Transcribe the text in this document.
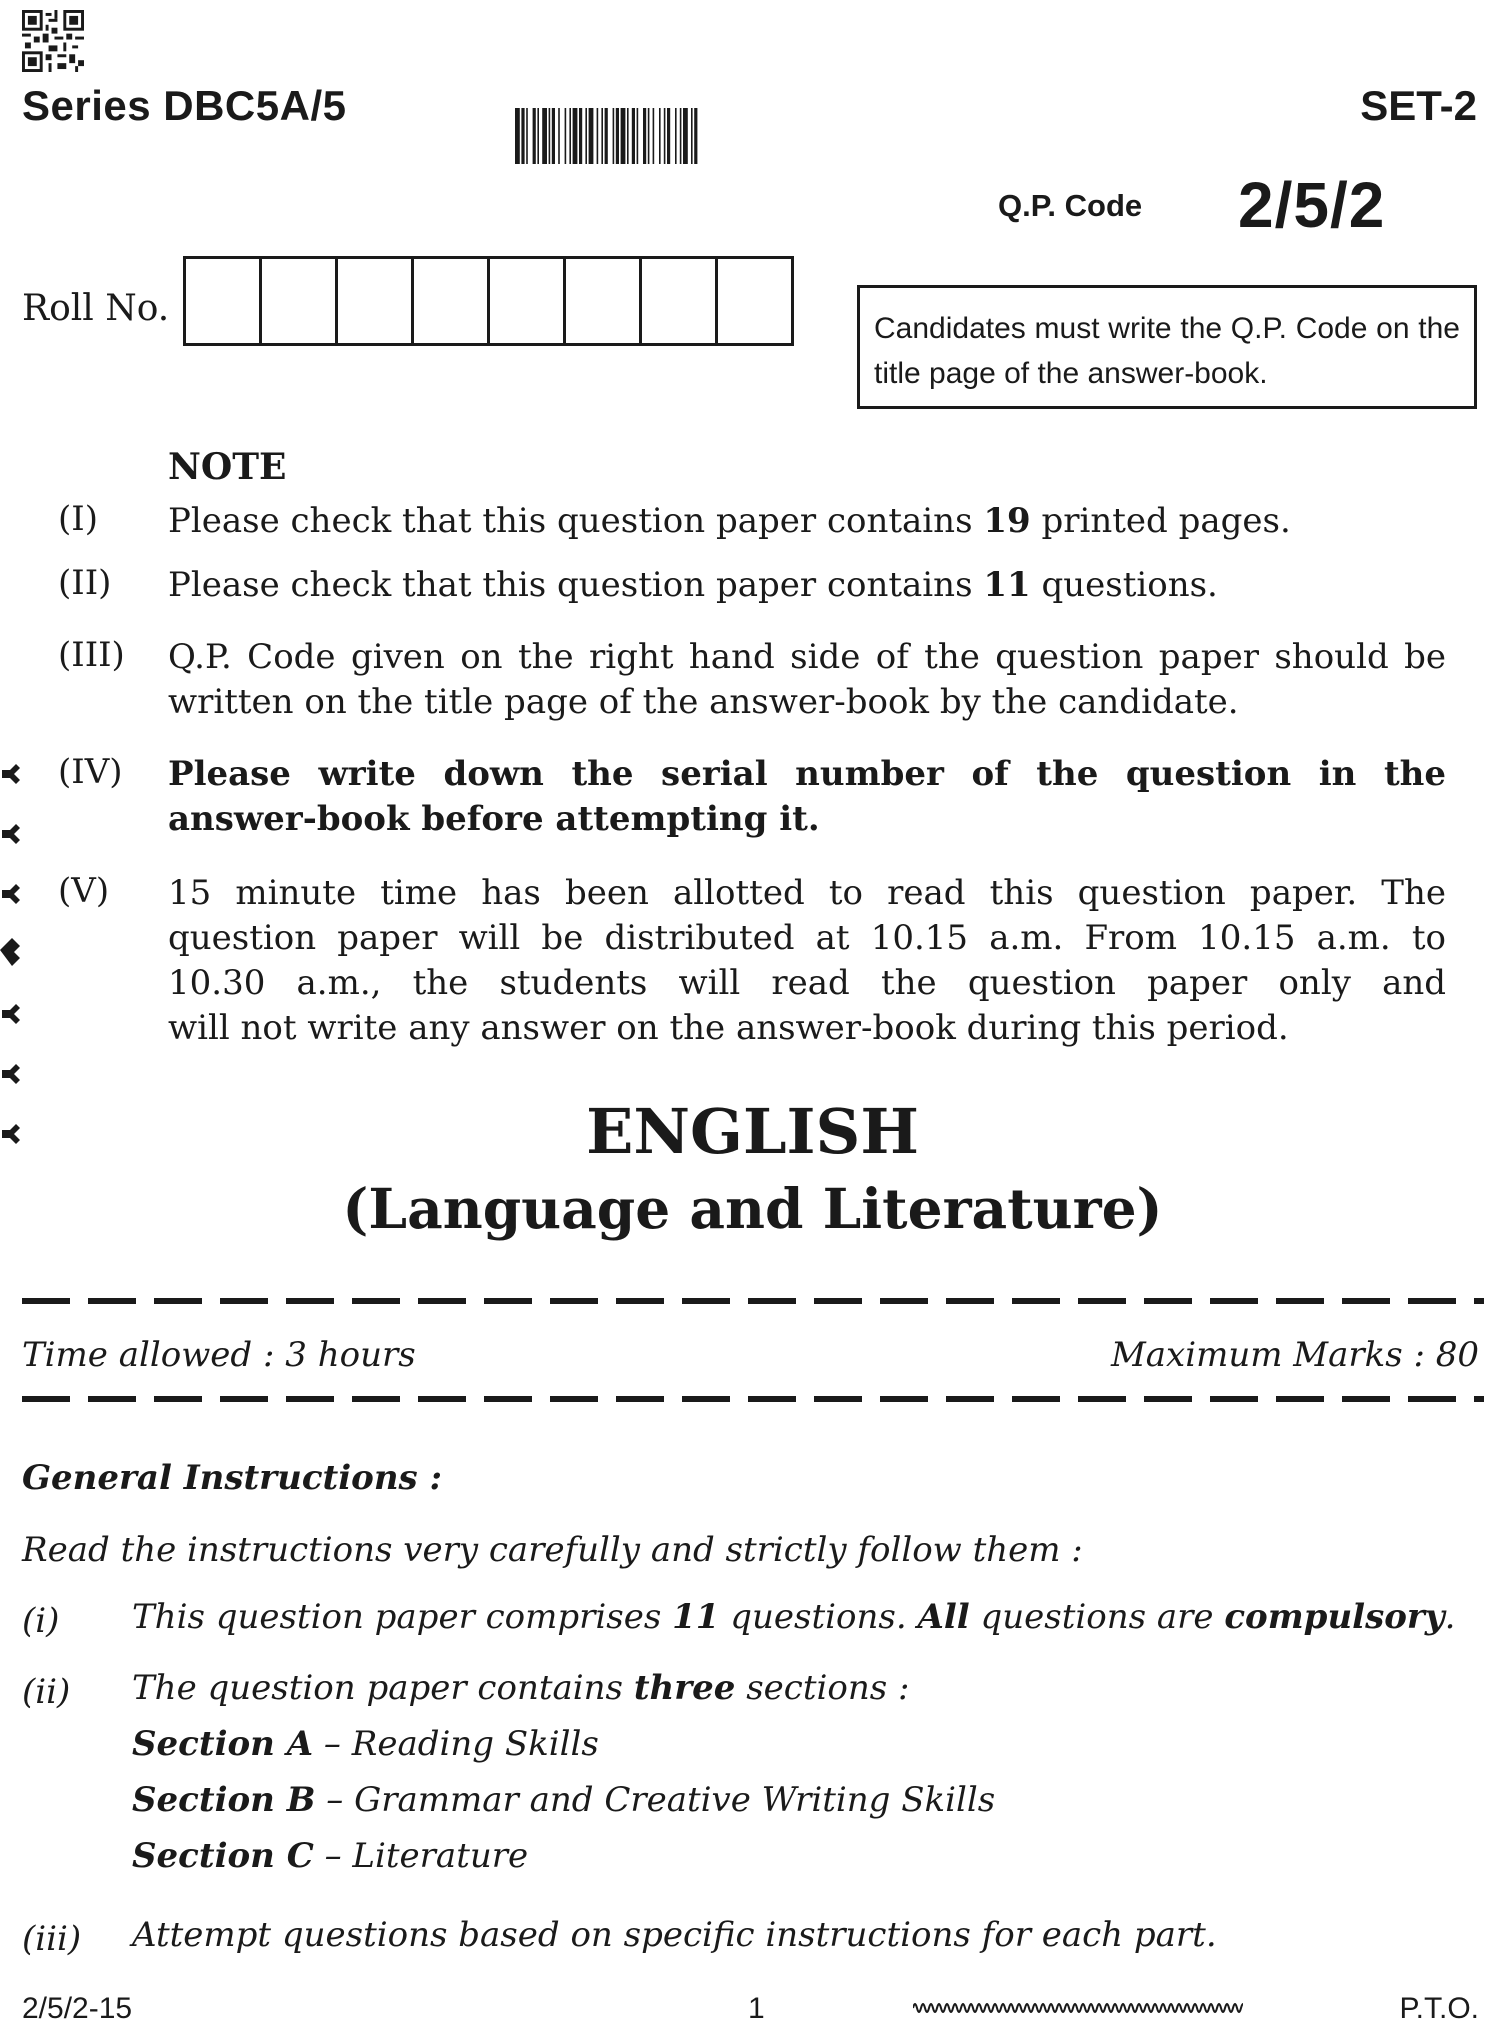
Series DBC5A/5	SET-2
Q.P. Code 2/5/2
Roll No.	Candidates must write the Q.P. Code on the title page of the answer-book.
NOTE
(I) Please check that this question paper contains 19 printed pages.
(II) Please check that this question paper contains 11 questions.
(III) Q.P. Code given on the right hand side of the question paper should be
written on the title page of the answer-book by the candidate.
(IV) Please write down the serial number of the question in the
answer-book before attempting it.
(V) 15 minute time has been allotted to read this question paper. The
question paper will be distributed at 10.15 a.m. From 10.15 a.m. to
10.30 a.m., the students will read the question paper only and
will not write any answer on the answer-book during this period.
ENGLISH
(Language and Literature)
Time allowed : 3 hours	Maximum Marks : 80
General Instructions :
Read the instructions very carefully and strictly follow them :
(i) This question paper comprises 11 questions. All questions are compulsory.
(ii) The question paper contains three sections :
Section A – Reading Skills
Section B – Grammar and Creative Writing Skills
Section C – Literature
(iii) Attempt questions based on specific instructions for each part.
2/5/2-15	1	P.T.O.
